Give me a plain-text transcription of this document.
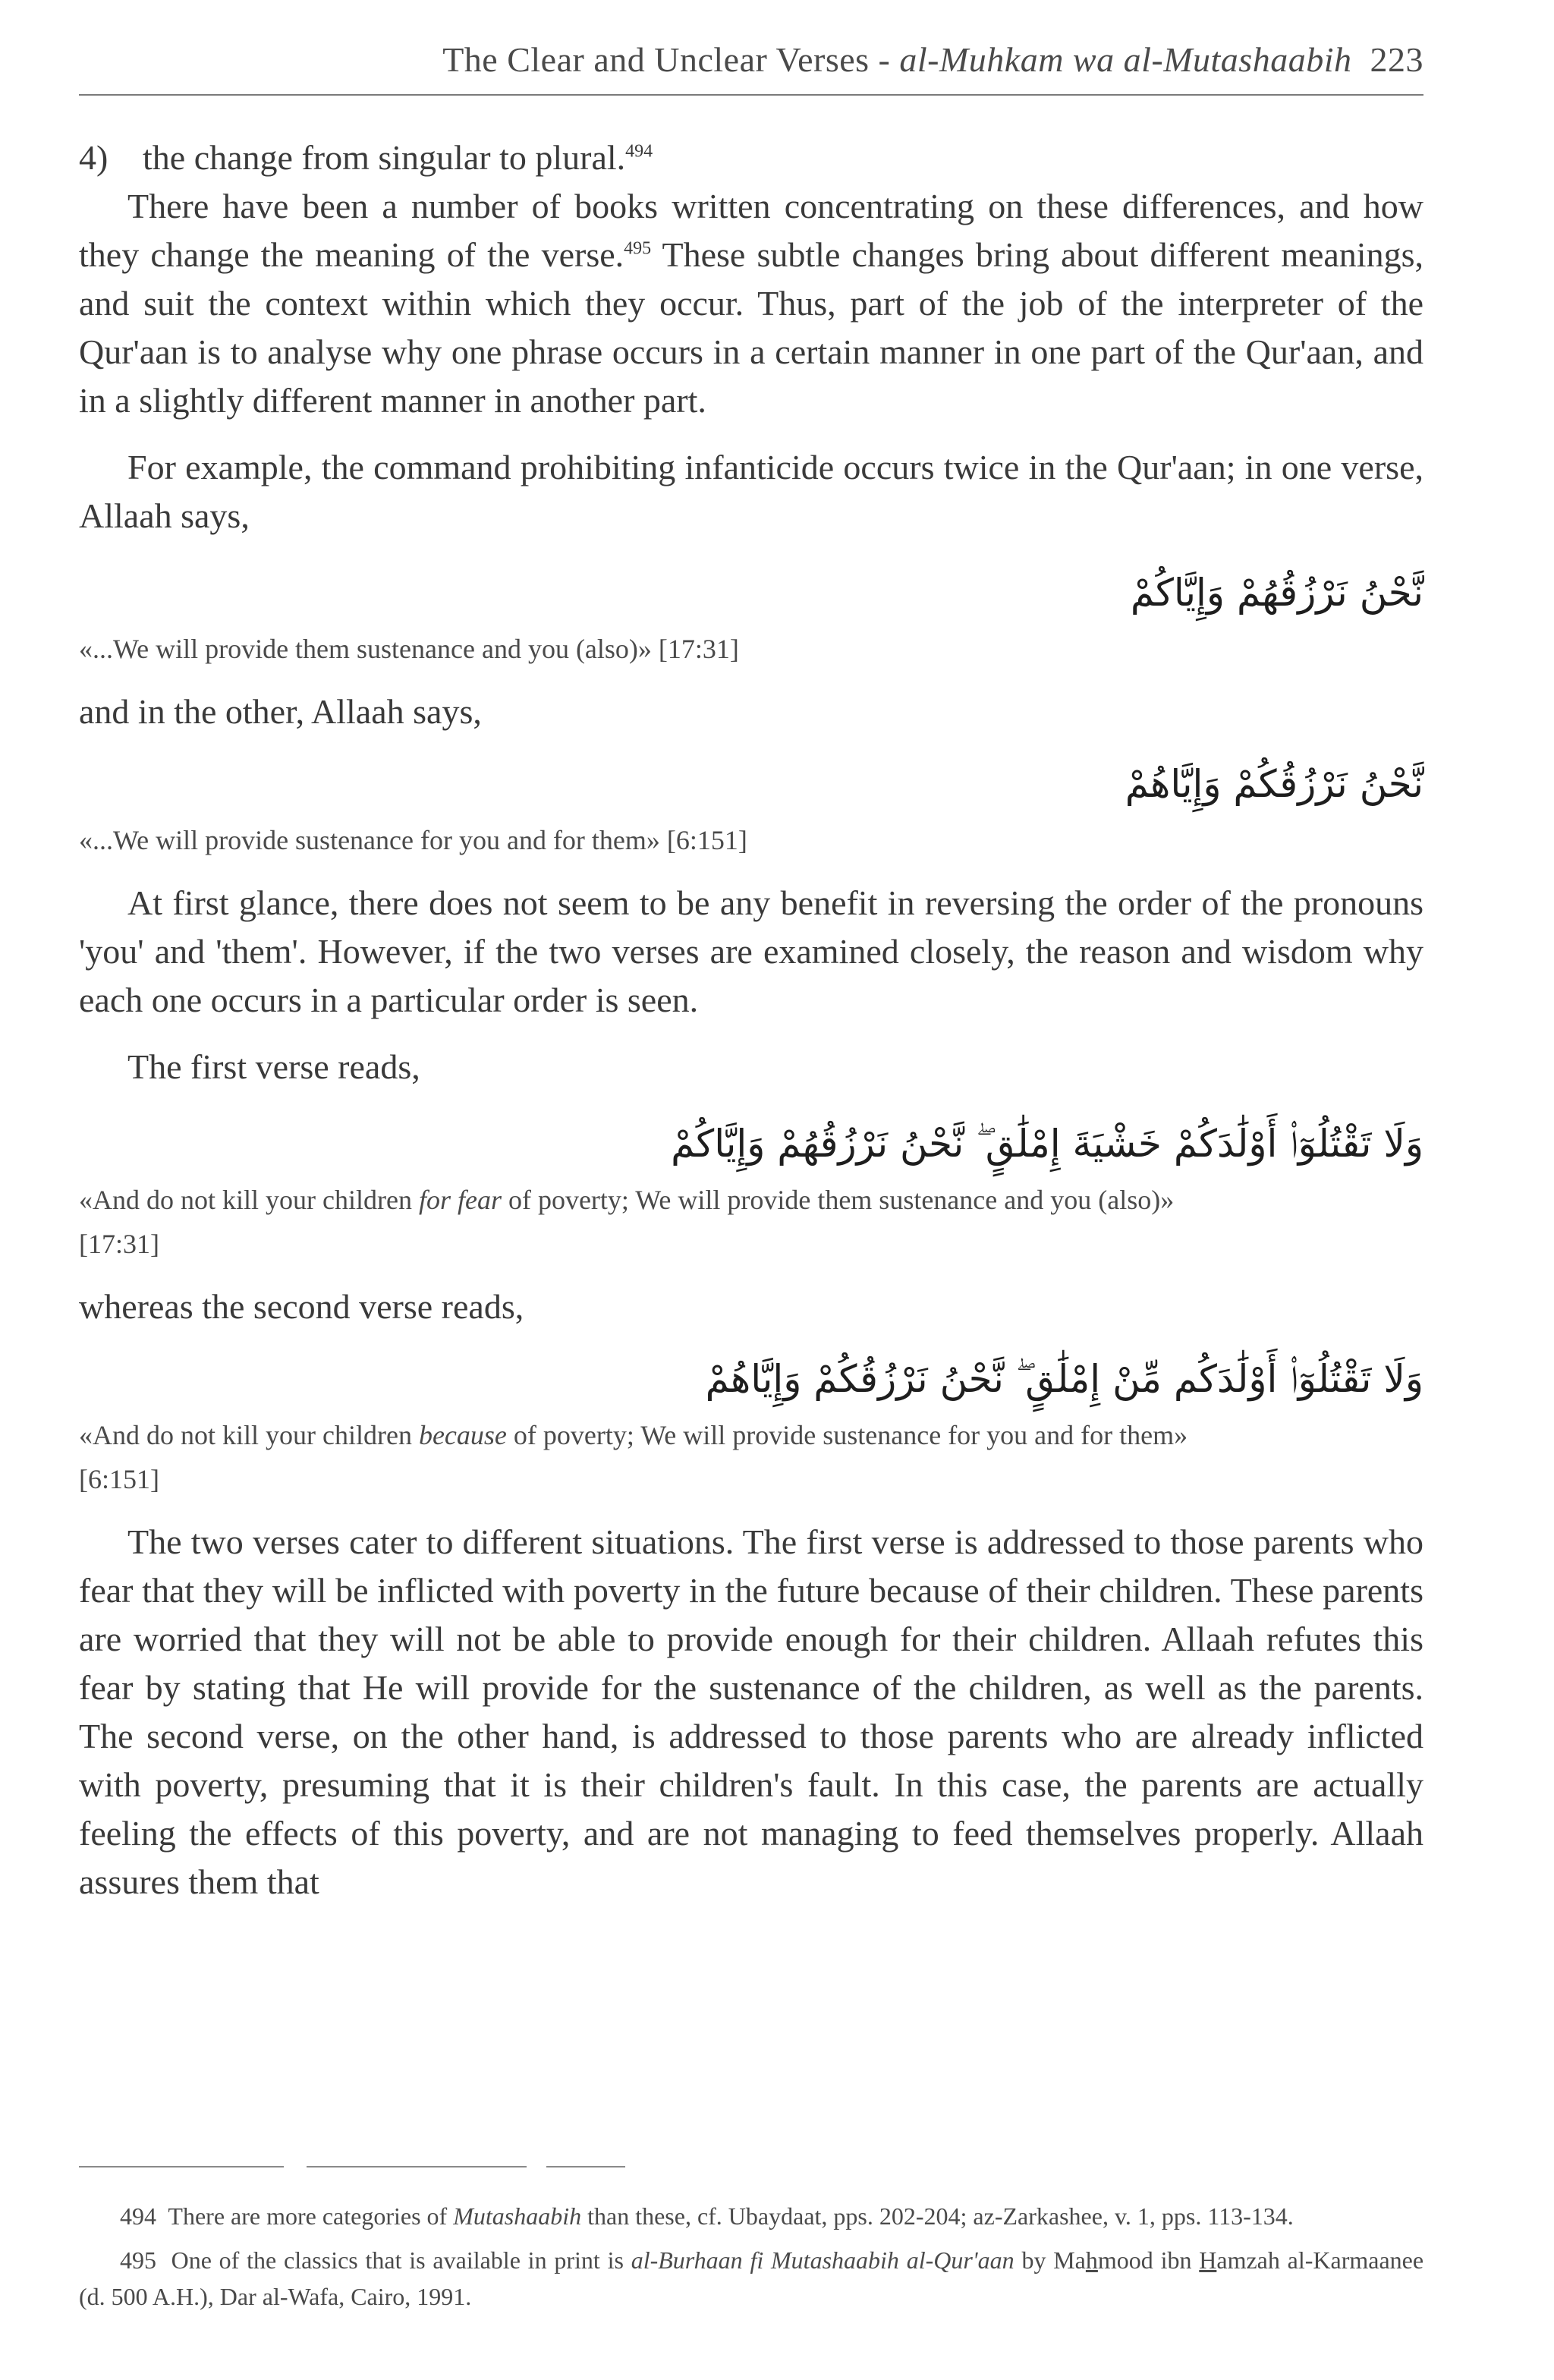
The Clear and Unclear Verses - al-Muhkam wa al-Mutashaabih 223

4) the change from singular to plural.$^{494}$

There have been a number of books written concentrating on these differences, and how they change the meaning of the verse.$^{495}$ These subtle changes bring about different meanings, and suit the context within which they occur. Thus, part of the job of the interpreter of the Qur'aan is to analyse why one phrase occurs in a certain manner in one part of the Qur'aan, and in a slightly different manner in another part.

For example, the command prohibiting infanticide occurs twice in the Qur'aan; in one verse, Allaah says,

نَّحْنُ نَرْزُقُهُمْ وَإِيَّاكُمْ

«...We will provide them sustenance and you (also)» [17:31]

and in the other, Allaah says,

نَّحْنُ نَرْزُقُكُمْ وَإِيَّاهُمْ

«...We will provide sustenance for you and for them» [6:151]

At first glance, there does not seem to be any benefit in reversing the order of the pronouns 'you' and 'them'. However, if the two verses are examined closely, the reason and wisdom why each one occurs in a particular order is seen.

The first verse reads,

وَلَا تَقْتُلُوٓا۟ أَوْلَٰدَكُمْ خَشْيَةَ إِمْلَٰقٍ ۖ نَّحْنُ نَرْزُقُهُمْ وَإِيَّاكُمْ

«And do not kill your children for fear of poverty; We will provide them sustenance and you (also)» [17:31]

whereas the second verse reads,

وَلَا تَقْتُلُوٓا۟ أَوْلَٰدَكُم مِّنْ إِمْلَٰقٍ ۖ نَّحْنُ نَرْزُقُكُمْ وَإِيَّاهُمْ

«And do not kill your children because of poverty; We will provide sustenance for you and for them» [6:151]

The two verses cater to different situations. The first verse is addressed to those parents who fear that they will be inflicted with poverty in the future because of their children. These parents are worried that they will not be able to provide enough for their children. Allaah refutes this fear by stating that He will provide for the sustenance of the children, as well as the parents. The second verse, on the other hand, is addressed to those parents who are already inflicted with poverty, presuming that it is their children's fault. In this case, the parents are actually feeling the effects of this poverty, and are not managing to feed themselves properly. Allaah assures them that

494 There are more categories of Mutashaabih than these, cf. Ubaydaat, pps. 202-204; az-Zarkashee, v. 1, pps. 113-134.

495 One of the classics that is available in print is al-Burhaan fi Mutashaabih al-Qur'aan by Mahmood ibn Hamzah al-Karmaanee (d. 500 A.H.), Dar al-Wafa, Cairo, 1991.
